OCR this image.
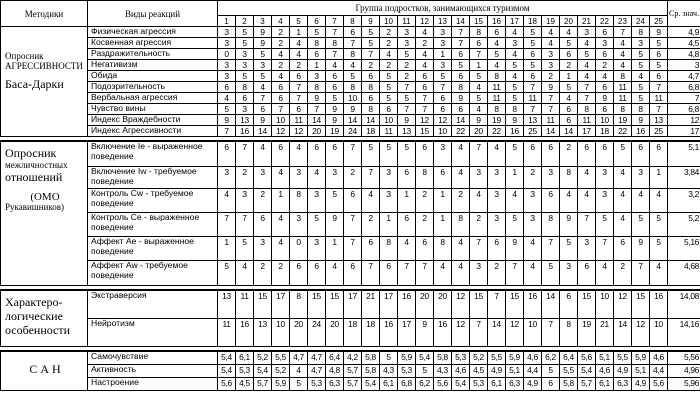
Методики	Виды реакций	Группа подростков, занимающихся туризмом																									Ср. знач.
		1	2	3	4	5	6	7	8	9	10	11	12	13	14	15	16	17	18	19	20	21	22	23	24	25	

Опросник АГРЕССИВНОСТИ
Баса-Дарки	Физическая агрессия	3	5	9	2	1	5	7	6	5	2	3	4	3	7	8	6	4	5	4	4	3	6	7	8	9	4,9
	Косвенная агрессия	3	5	9	2	4	8	8	7	5	2	3	2	3	7	6	4	3	5	4	5	4	3	4	3	5	4,5
	Раздражительность	0	3	5	4	4	6	7	8	7	4	5	4	1	6	7	5	4	6	3	6	5	6	4	5	6	4,8
	Негативизм	3	3	3	2	2	1	4	4	2	2	2	4	3	5	1	4	5	5	3	2	4	2	4	5	5	3
	Обида	3	5	5	4	6	3	6	5	6	5	2	6	5	6	5	8	4	6	2	1	4	4	8	4	6	4,7
	Подозрительность	6	8	4	6	7	8	6	8	8	5	7	6	7	8	4	11	5	7	9	5	7	6	11	5	7	6,8
	Вербальная агрессия	4	6	7	6	7	9	5	10	6	5	5	7	6	9	5	11	5	11	7	4	7	9	11	5	11	7
	Чувство вины	5	3	6	7	6	7	9	9	8	6	7	7	6	6	4	8	8	7	7	6	8	6	8	8	7	6,8
	Индекс Враждебности	9	13	9	10	11	14	9	14	14	10	9	12	12	14	9	19	9	13	11	6	11	10	19	9	13	12
	Индекс Агрессивности	7	16	14	12	12	20	19	24	18	11	13	15	10	22	20	22	16	25	14	14	17	18	22	16	25	17

Опросник
межличностных
отношений
(ОМО
Рукавишников)	Включение Ie - выраженное поведение	6	7	4	6	4	6	6	7	5	5	5	6	3	4	7	4	5	6	6	2	6	6	5	6	6	5,1
	Включение Iw - требуемое поведение	3	2	3	4	3	4	3	2	7	3	6	8	6	4	3	3	1	2	3	8	4	3	4	3	1	3,84
	Контроль Cw - требуемое поведение	4	3	2	1	8	3	5	6	4	3	1	2	1	2	4	3	4	3	6	4	4	3	4	4	4	3,2
	Контроль Ce - выраженное поведение	7	7	6	4	3	5	9	7	2	1	6	2	1	8	2	3	5	3	8	9	7	5	4	5	5	5,2
	Аффект Ae - выраженное поведение	1	5	3	4	0	3	1	7	6	8	4	6	8	4	7	6	9	4	7	5	3	7	6	9	5	5,16
	Аффект Aw - требуемое поведение	5	4	2	2	6	6	4	6	7	6	7	7	4	4	3	2	7	4	5	3	6	4	2	7	4	4,68

Характеро-
логические
особенности	Экстраверсия	13	11	15	17	8	15	15	17	21	17	16	20	20	12	15	7	15	16	14	6	15	10	12	15	16	14,08
	Нейротизм	11	16	13	10	20	24	20	18	18	16	17	9	16	12	7	14	12	10	7	8	19	21	14	12	10	14,16

С А Н	Самочувствие	5,4	6,1	5,2	5,5	4,7	4,7	6,4	4,2	5,8	5	5,9	5,4	5,8	5,3	5,2	5,5	5,9	4,6	6,2	6,4	5,6	5,1	5,5	5,9	4,6	5,56
	Активность	5,4	5,3	5,4	5,2	4	4,7	4,8	5,7	5,8	4,3	5,3	5	4,3	4,6	4,5	4,9	5,1	4,4	5	5,5	5,4	4,6	4,9	5,1	4,4	4,96
	Настроение	5,6	4,5	5,7	5,9	5	5,3	6,3	5,7	5,4	6,1	6,8	6,2	5,6	5,4	5,3	6,1	6,3	4,9	6	5,8	5,7	6,1	6,3	4,9	5,6	5,96
